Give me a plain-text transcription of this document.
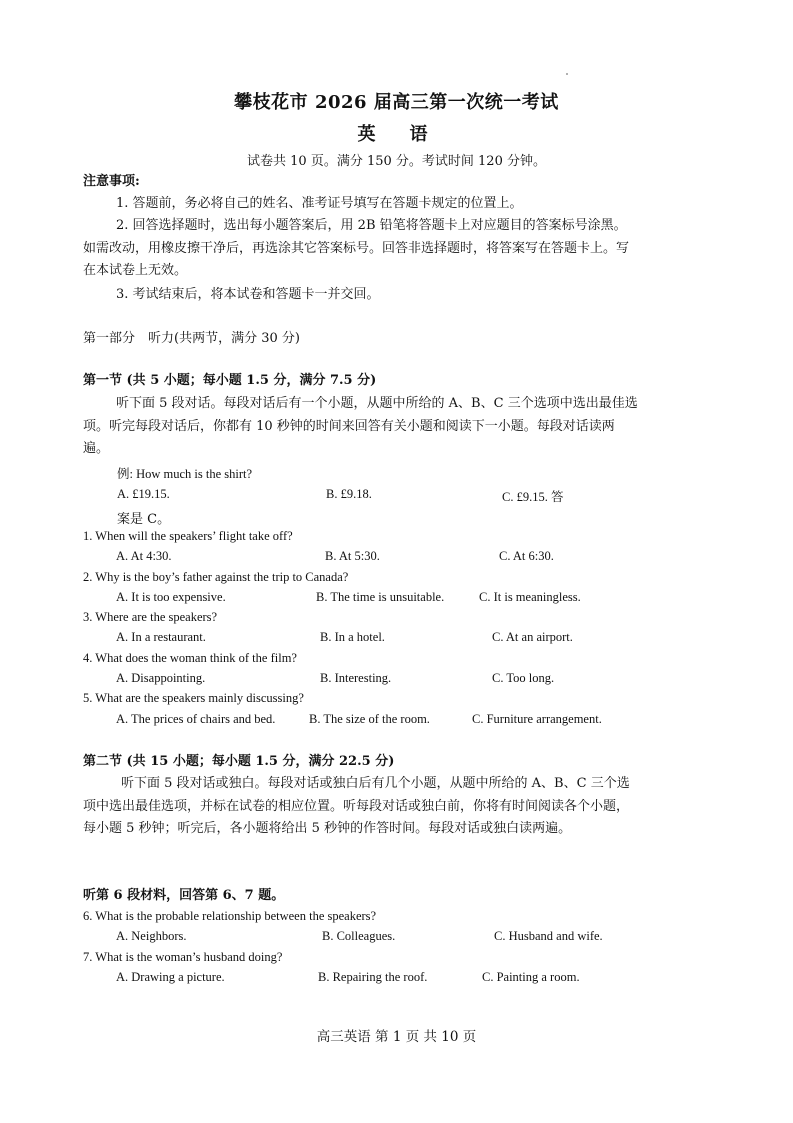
攀枝花市 2026 届高三第一次统一考试
英　语
试卷共 10 页。满分 150 分。考试时间 120 分钟。
注意事项:
1. 答题前，务必将自己的姓名、准考证号填写在答题卡规定的位置上。
2. 回答选择题时，选出每小题答案后，用 2B 铅笔将答题卡上对应题目的答案标号涂黑。如需改动，用橡皮擦干净后，再选涂其它答案标号。回答非选择题时，将答案写在答题卡上。写在本试卷上无效。
3. 考试结束后，将本试卷和答题卡一并交回。
第一部分　听力(共两节，满分 30 分)
第一节 (共 5 小题；每小题 1.5 分，满分 7.5 分)
听下面 5 段对话。每段对话后有一个小题，从题中所给的 A、B、C 三个选项中选出最佳选项。听完每段对话后，你都有 10 秒钟的时间来回答有关小题和阅读下一小题。每段对话读两遍。
例: How much is the shirt?
A. £19.15.	B. £9.18.	C. £9.15. 答
案是 C。
1. When will the speakers’ flight take off?
A. At 4:30.	B. At 5:30.	C. At 6:30.
2. Why is the boy’s father against the trip to Canada?
A. It is too expensive.	B. The time is unsuitable.	C. It is meaningless.
3. Where are the speakers?
A. In a restaurant.	B. In a hotel.	C. At an airport.
4. What does the woman think of the film?
A. Disappointing.	B. Interesting.	C. Too long.
5. What are the speakers mainly discussing?
A. The prices of chairs and bed.	B. The size of the room.	C. Furniture arrangement.
第二节 (共 15 小题；每小题 1.5 分，满分 22.5 分)
听下面 5 段对话或独白。每段对话或独白后有几个小题，从题中所给的 A、B、C 三个选项中选出最佳选项，并标在试卷的相应位置。听每段对话或独白前，你将有时间阅读各个小题，每小题 5 秒钟；听完后，各小题将给出 5 秒钟的作答时间。每段对话或独白读两遍。
听第 6 段材料，回答第 6、7 题。
6. What is the probable relationship between the speakers?
A. Neighbors.	B. Colleagues.	C. Husband and wife.
7. What is the woman’s husband doing?
A. Drawing a picture.	B. Repairing the roof.	C. Painting a room.
高三英语 第 1 页 共 10 页
